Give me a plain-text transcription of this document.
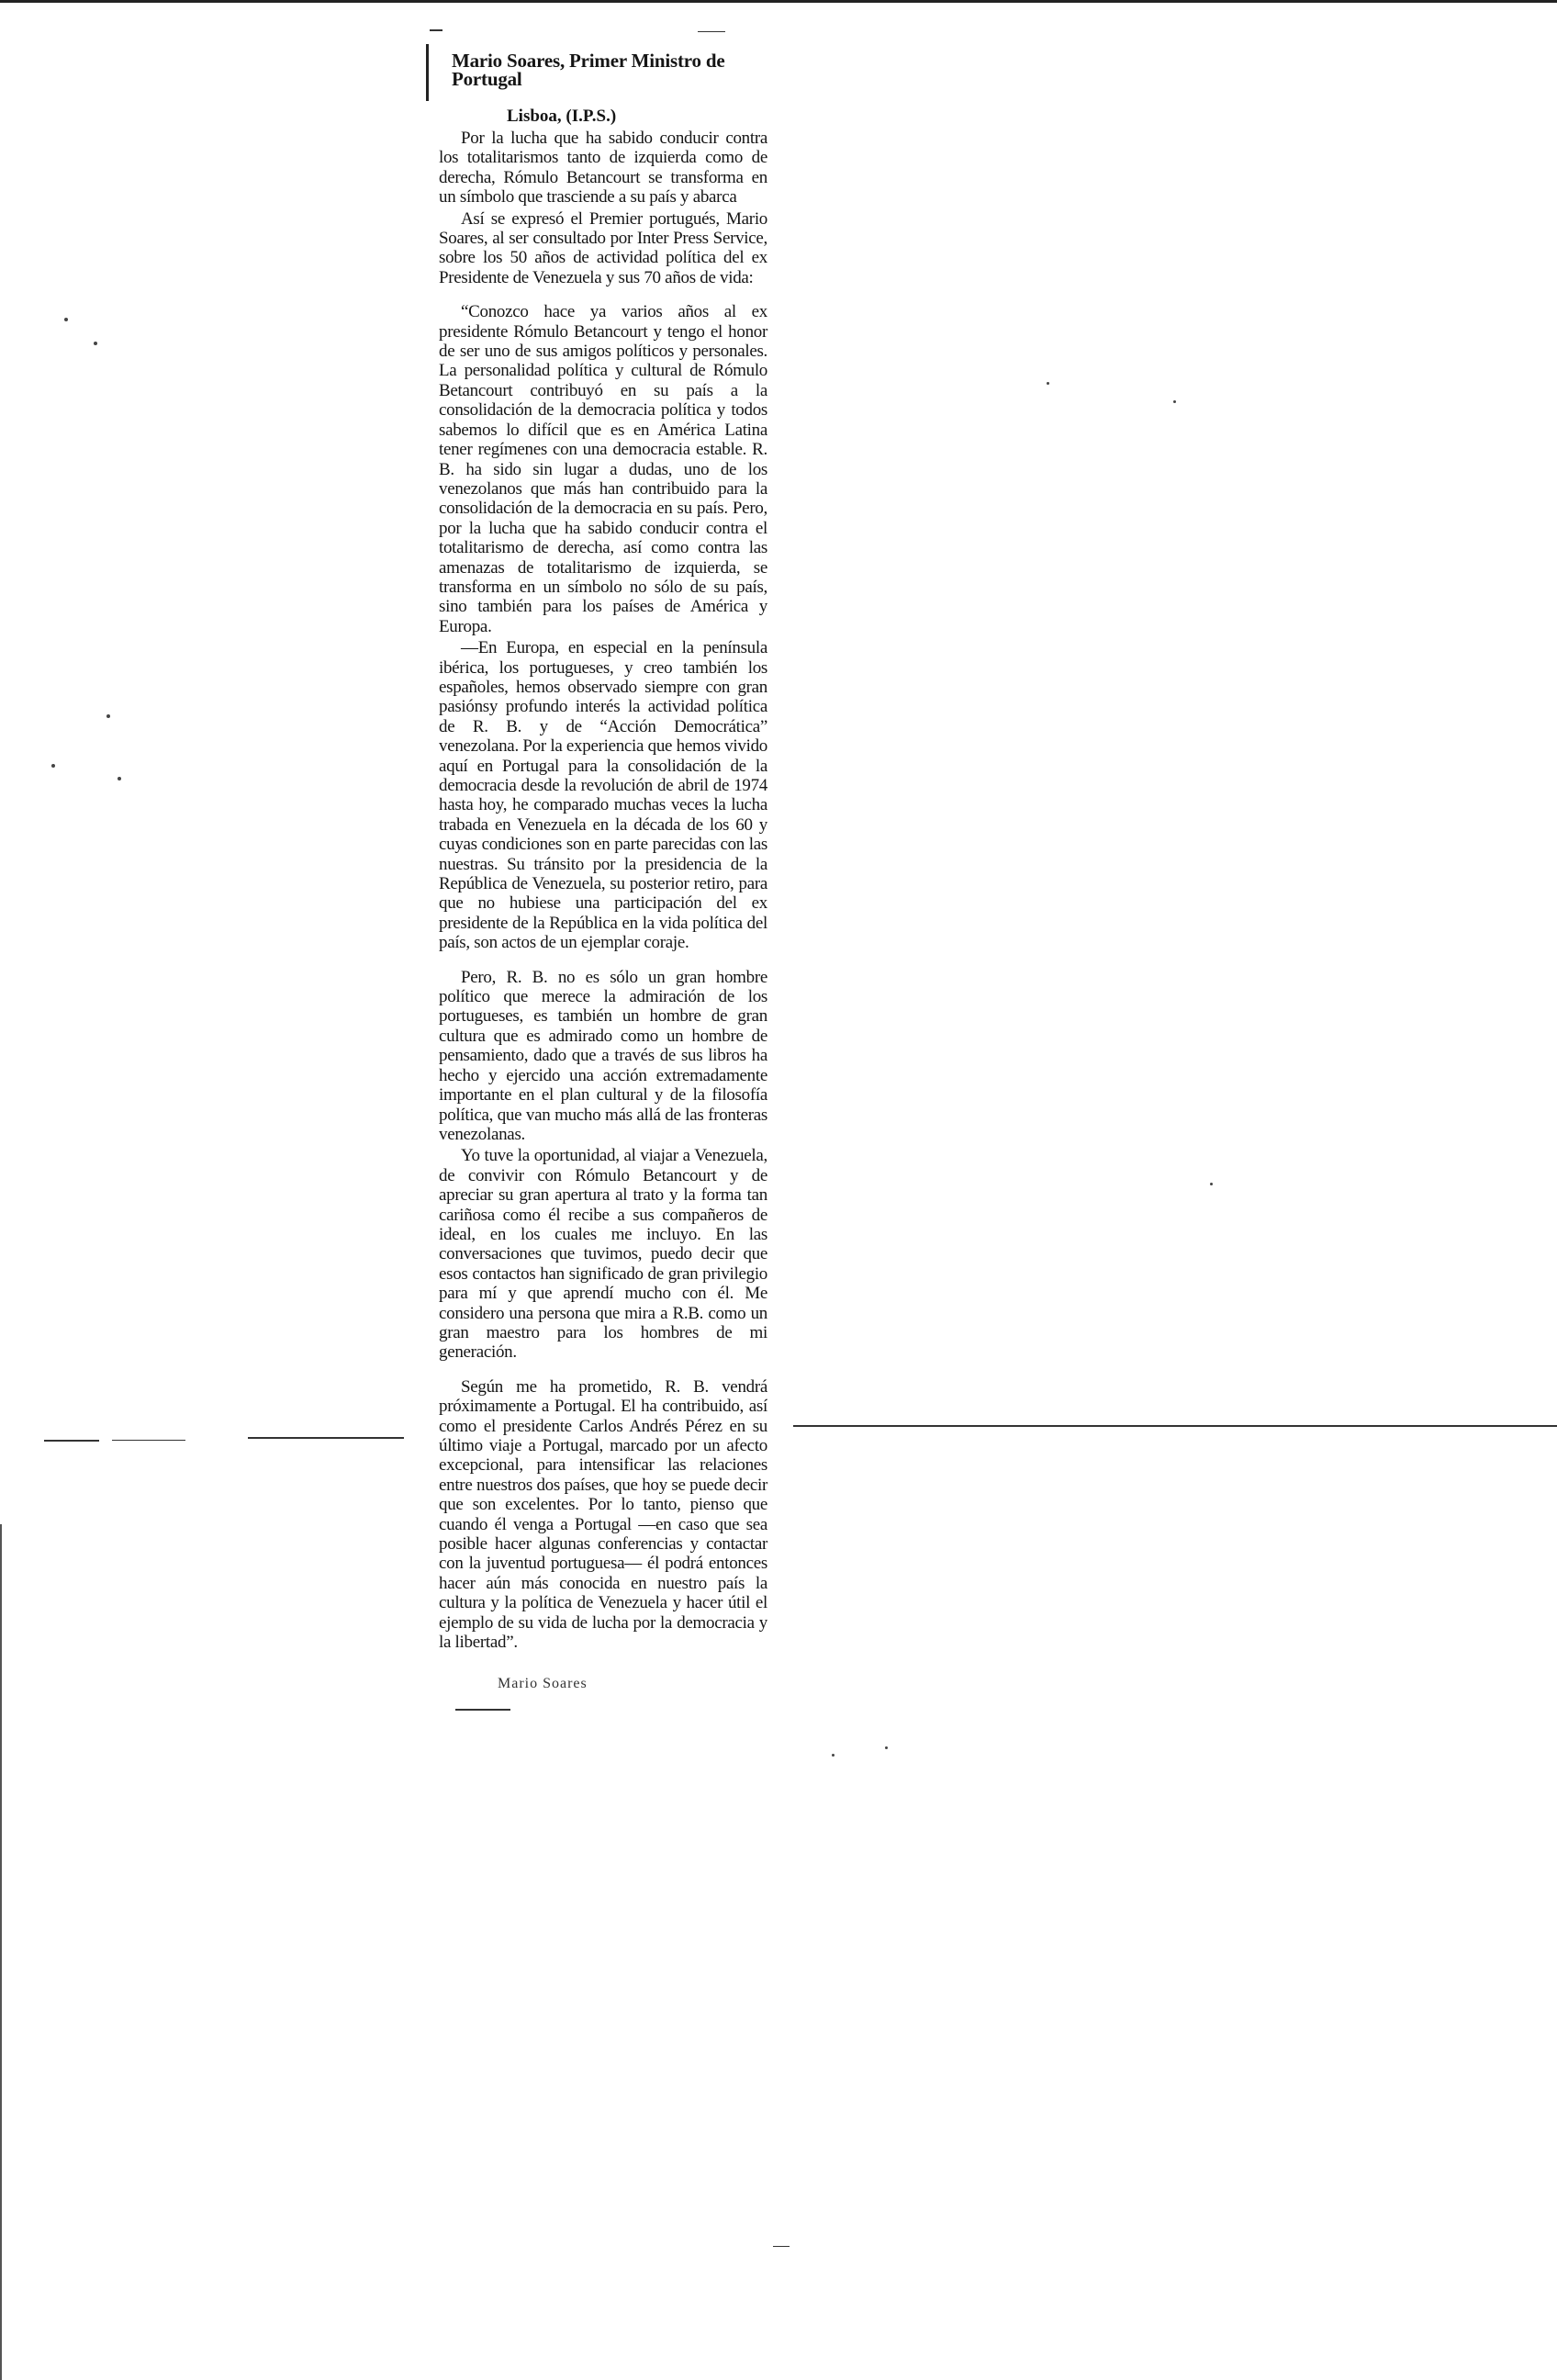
Mario Soares, Primer Ministro de Portugal
Lisboa, (I.P.S.)

Por la lucha que ha sabido conducir contra los totalitarismos tanto de izquierda como de derecha, Rómulo Betancourt se transforma en un símbolo que trasciende a su país y abarca

Así se expresó el Premier portugués, Mario Soares, al ser consultado por Inter Press Service, sobre los 50 años de actividad política del ex Presidente de Venezuela y sus 70 años de vida:

“Conozco hace ya varios años al ex presidente Rómulo Betancourt y tengo el honor de ser uno de sus amigos políticos y personales. La personalidad política y cultural de Rómulo Betancourt contribuyó en su país a la consolidación de la democracia política y todos sabemos lo difícil que es en América Latina tener regímenes con una democracia estable. R. B. ha sido sin lugar a dudas, uno de los venezolanos que más han contribuido para la consolidación de la democracia en su país. Pero, por la lucha que ha sabido conducir contra el totalitarismo de derecha, así como contra las amenazas de totalitarismo de izquierda, se transforma en un símbolo no sólo de su país, sino también para los países de América y Europa.

—En Europa, en especial en la península ibérica, los portugueses, y creo también los españoles, hemos observado siempre con gran pasiónsy profundo interés la actividad política de R. B. y de “Acción Democrática” venezolana. Por la experiencia que hemos vivido aquí en Portugal para la consolidación de la democracia desde la revolución de abril de 1974 hasta hoy, he comparado muchas veces la lucha trabada en Venezuela en la década de los 60 y cuyas condiciones son en parte parecidas con las nuestras. Su tránsito por la presidencia de la República de Venezuela, su posterior retiro, para que no hubiese una participación del ex presidente de la República en la vida política del país, son actos de un ejemplar coraje.

Pero, R. B. no es sólo un gran hombre político que merece la admiración de los portugueses, es también un hombre de gran cultura que es admirado como un hombre de pensamiento, dado que a través de sus libros ha hecho y ejercido una acción extremadamente importante en el plan cultural y de la filosofía política, que van mucho más allá de las fronteras venezolanas.

Yo tuve la oportunidad, al viajar a Venezuela, de convivir con Rómulo Betancourt y de apreciar su gran apertura al trato y la forma tan cariñosa como él recibe a sus compañeros de ideal, en los cuales me incluyo. En las conversaciones que tuvimos, puedo decir que esos contactos han significado de gran privilegio para mí y que aprendí mucho con él. Me considero una persona que mira a R.B. como un gran maestro para los hombres de mi generación.

Según me ha prometido, R. B. vendrá próximamente a Portugal. El ha contribuido, así como el presidente Carlos Andrés Pérez en su último viaje a Portugal, marcado por un afecto excepcional, para intensificar las relaciones entre nuestros dos países, que hoy se puede decir que son excelentes. Por lo tanto, pienso que cuando él venga a Portugal —en caso que sea posible hacer algunas conferencias y contactar con la juventud portuguesa— él podrá entonces hacer aún más conocida en nuestro país la cultura y la política de Venezuela y hacer útil el ejemplo de su vida de lucha por la democracia y la libertad”.

Mario Soares
